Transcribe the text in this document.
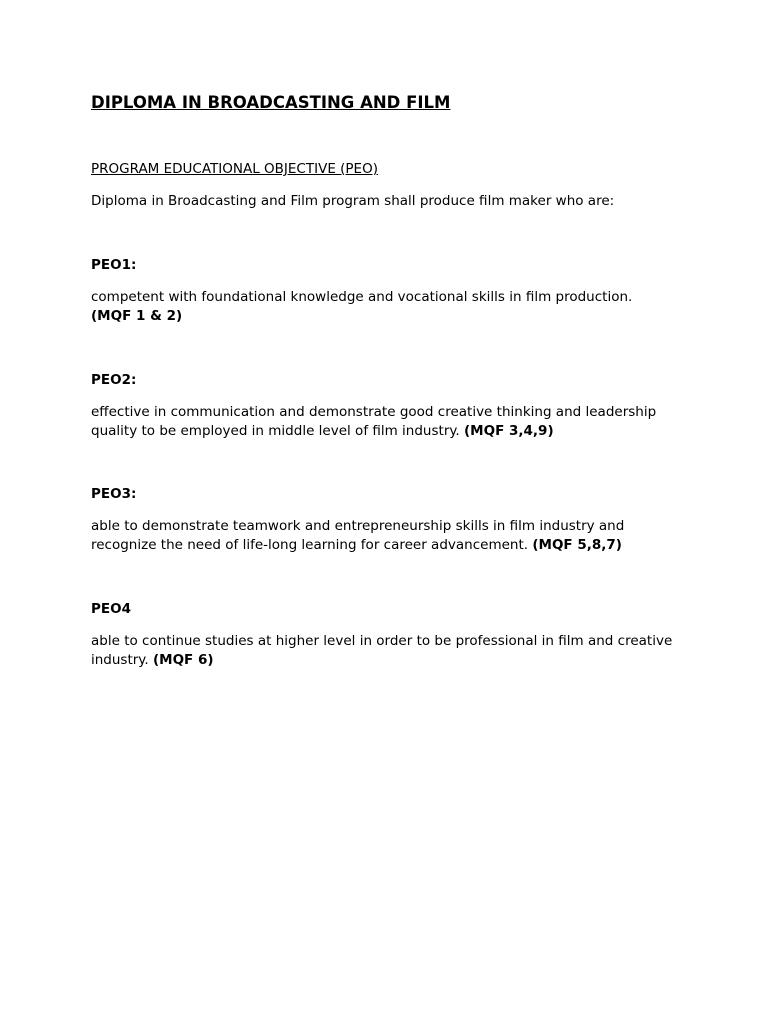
DIPLOMA IN BROADCASTING AND FILM
PROGRAM EDUCATIONAL OBJECTIVE (PEO)
Diploma in Broadcasting and Film program shall produce film maker who are:
PEO1:
competent with foundational knowledge and vocational skills in film production.
(MQF 1 & 2)
PEO2:
effective in communication and demonstrate good creative thinking and leadership quality to be employed in middle level of film industry. (MQF 3,4,9)
PEO3:
able to demonstrate teamwork and entrepreneurship skills in film industry and recognize the need of life-long learning for career advancement. (MQF 5,8,7)
PEO4
able to continue studies at higher level in order to be professional in film and creative industry. (MQF 6)
